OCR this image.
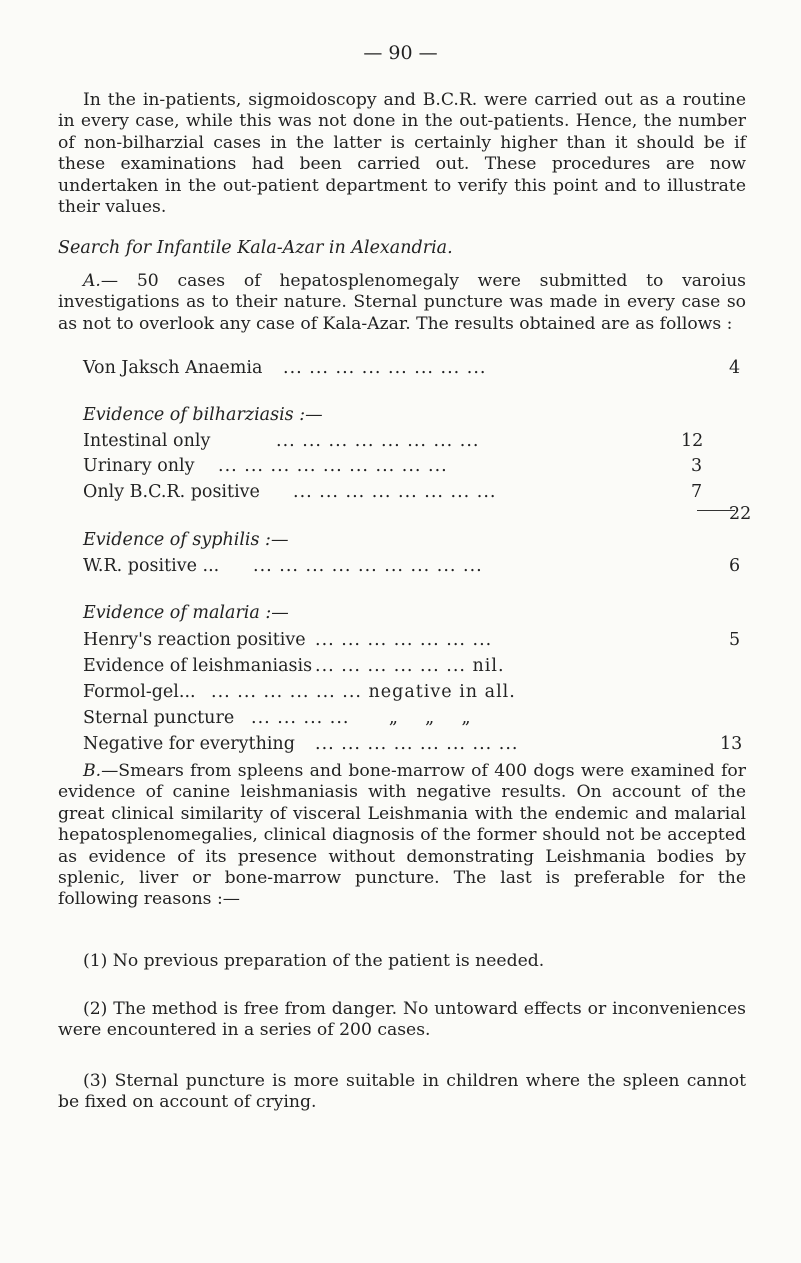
— 90 —

In the in-patients, sigmoidoscopy and B.C.R. were carried out as a routine in every case, while this was not done in the out-patients. Hence, the number of non-bilharzial cases in the latter is certainly higher than it should be if these examinations had been carried out. These procedures are now undertaken in the out-patient department to verify this point and to illustrate their values.

Search for Infantile Kala-Azar in Alexandria.

A.— 50 cases of hepatosplenomegaly were submitted to varoius investigations as to their nature. Sternal puncture was made in every case so as not to overlook any case of Kala-Azar. The results obtained are as follows :

Von Jaksch Anaemia ... ... ... ... ... ... ... ...	4
Evidence of bilharziasis :—
Intestinal only	... ... ... ... ... ... ... ...	12
Urinary only ... ... ... ... ... ... ... ... ...	3
Only B.C.R. positive ... ... ... ... ... ... ... ...	7
22
Evidence of syphilis :—
W.R. positive ... ... ... ... ... ... ... ... ... ...	6
Evidence of malaria :—
Henry's reaction positive ... ... ... ... ... ... ...	5
Evidence of leishmaniasis ... ... ... ... ... ... nil.
Formol-gel... ... ... ... ... ... ... negative in all.
Sternal puncture ... ... ... ...      „    „    „
Negative for everything ... ... ... ... ... ... ... ...	13

B.—Smears from spleens and bone-marrow of 400 dogs were examined for evidence of canine leishmaniasis with negative results. On account of the great clinical similarity of visceral Leishmania with the endemic and malarial hepatosplenomegalies, clinical diagnosis of the former should not be accepted as evidence of its presence without demonstrating Leishmania bodies by splenic, liver or bone-marrow puncture. The last is preferable for the following reasons :—

(1) No previous preparation of the patient is needed.

(2) The method is free from danger. No untoward effects or inconveniences were encountered in a series of 200 cases.

(3) Sternal puncture is more suitable in children where the spleen cannot be fixed on account of crying.
